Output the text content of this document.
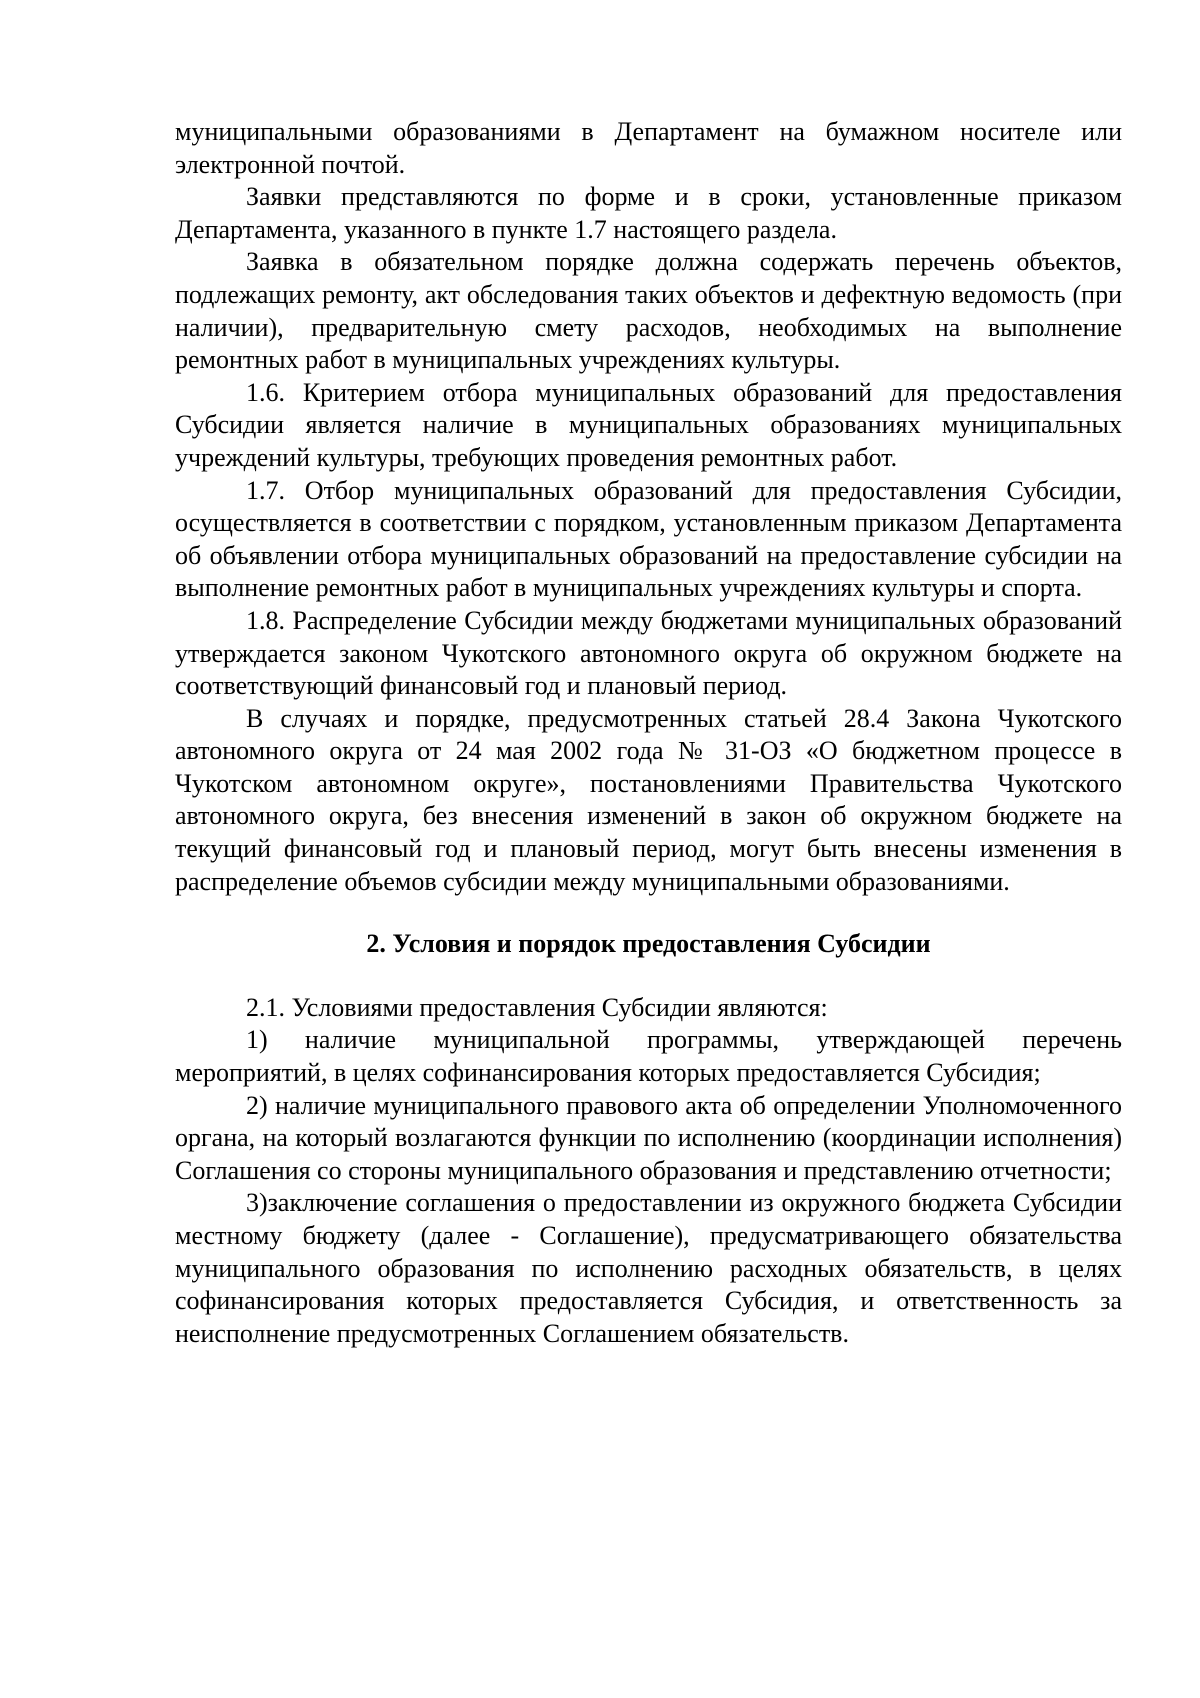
муниципальными образованиями в Департамент на бумажном носителе или электронной почтой.

Заявки представляются по форме и в сроки, установленные приказом Департамента, указанного в пункте 1.7 настоящего раздела.

Заявка в обязательном порядке должна содержать перечень объектов, подлежащих ремонту, акт обследования таких объектов и дефектную ведомость (при наличии), предварительную смету расходов, необходимых на выполнение ремонтных работ в муниципальных учреждениях культуры.

1.6. Критерием отбора муниципальных образований для предоставления Субсидии является наличие в муниципальных образованиях муниципальных учреждений культуры, требующих проведения ремонтных работ.

1.7. Отбор муниципальных образований для предоставления Субсидии, осуществляется в соответствии с порядком, установленным приказом Департамента об объявлении отбора муниципальных образований на предоставление субсидии на выполнение ремонтных работ в муниципальных учреждениях культуры и спорта.

1.8. Распределение Субсидии между бюджетами муниципальных образований утверждается законом Чукотского автономного округа об окружном бюджете на соответствующий финансовый год и плановый период.

В случаях и порядке, предусмотренных статьей 28.4 Закона Чукотского автономного округа от 24 мая 2002 года № 31-ОЗ «О бюджетном процессе в Чукотском автономном округе», постановлениями Правительства Чукотского автономного округа, без внесения изменений в закон об окружном бюджете на текущий финансовый год и плановый период, могут быть внесены изменения в распределение объемов субсидии между муниципальными образованиями.

2. Условия и порядок предоставления Субсидии

2.1. Условиями предоставления Субсидии являются:

1) наличие муниципальной программы, утверждающей перечень мероприятий, в целях софинансирования которых предоставляется Субсидия;

2) наличие муниципального правового акта об определении Уполномоченного органа, на который возлагаются функции по исполнению (координации исполнения) Соглашения со стороны муниципального образования и представлению отчетности;

3)заключение соглашения о предоставлении из окружного бюджета Субсидии местному бюджету (далее - Соглашение), предусматривающего обязательства муниципального образования по исполнению расходных обязательств, в целях софинансирования которых предоставляется Субсидия, и ответственность за неисполнение предусмотренных Соглашением обязательств.
